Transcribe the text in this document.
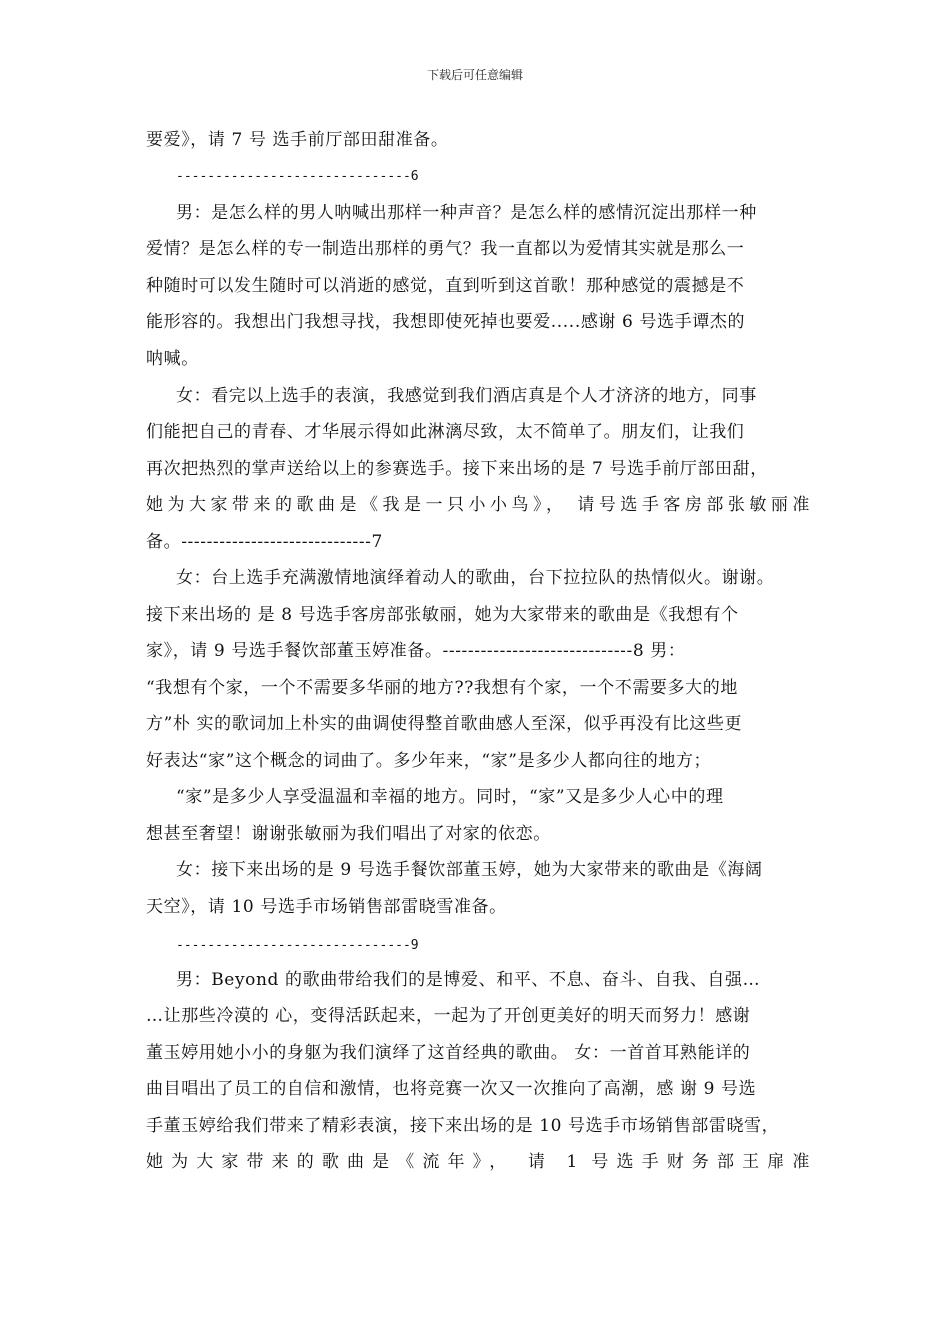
下载后可任意编辑
要爱》，请 7 号 选手前厅部田甜准备。
------------------------------6
男：是怎么样的男人呐喊出那样一种声音？是怎么样的感情沉淀出那样一种
爱情？是怎么样的专一制造出那样的勇气？我一直都以为爱情其实就是那么一
种随时可以发生随时可以消逝的感觉，直到听到这首歌！那种感觉的震撼是不
能形容的。我想出门我想寻找，我想即使死掉也要爱.....感谢 6 号选手谭杰的
呐喊。
女：看完以上选手的表演，我感觉到我们酒店真是个人才济济的地方，同事
们能把自己的青春、才华展示得如此淋漓尽致，太不简单了。朋友们，让我们
再次把热烈的掌声送给以上的参赛选手。接下来出场的是 7 号选手前厅部田甜，
她为大家带来的歌曲是《我是一只小小鸟》， 请号选手客房部张敏丽准
备。------------------------------7
女：台上选手充满激情地演绎着动人的歌曲，台下拉拉队的热情似火。谢谢。
接下来出场的 是 8 号选手客房部张敏丽，她为大家带来的歌曲是《我想有个
家》，请 9 号选手餐饮部董玉婷准备。------------------------------8 男：
“我想有个家，一个不需要多华丽的地方??我想有个家，一个不需要多大的地
方”朴 实的歌词加上朴实的曲调使得整首歌曲感人至深，似乎再没有比这些更
好表达“家”这个概念的词曲了。多少年来，“家”是多少人都向往的地方；
“家”是多少人享受温温和幸福的地方。同时，“家”又是多少人心中的理
想甚至奢望！谢谢张敏丽为我们唱出了对家的依恋。
女：接下来出场的是 9 号选手餐饮部董玉婷，她为大家带来的歌曲是《海阔
天空》，请 10 号选手市场销售部雷晓雪准备。
------------------------------9
男：Beyond 的歌曲带给我们的是博爱、和平、不息、奋斗、自我、自强…
…让那些冷漠的 心，变得活跃起来，一起为了开创更美好的明天而努力！感谢
董玉婷用她小小的身躯为我们演绎了这首经典的歌曲。 女：一首首耳熟能详的
曲目唱出了员工的自信和激情，也将竞赛一次又一次推向了高潮，感 谢 9 号选
手董玉婷给我们带来了精彩表演，接下来出场的是 10 号选手市场销售部雷晓雪，
她为大家带来的歌曲是《流年》， 请 1 号选手财务部王扉准
